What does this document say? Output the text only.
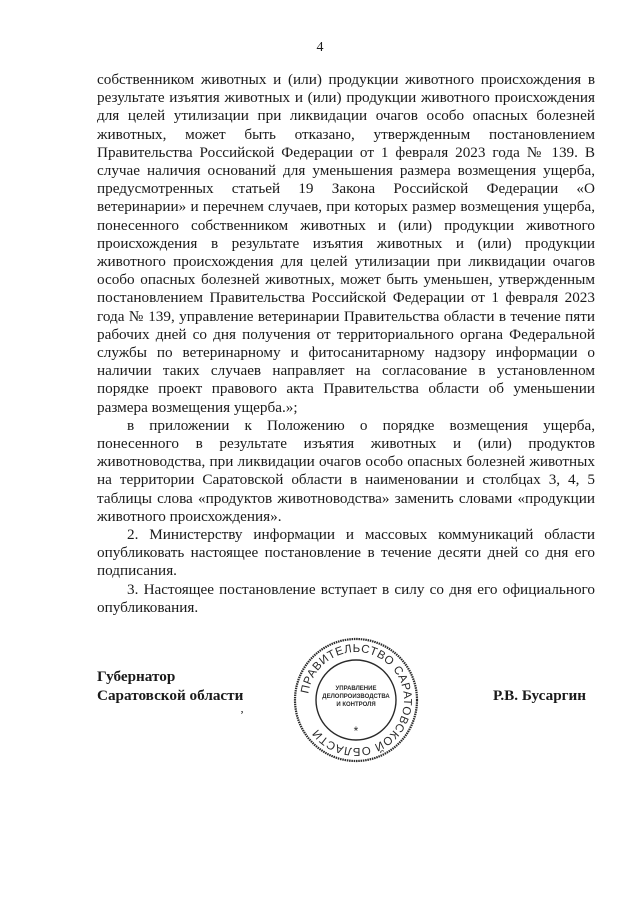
4

собственником животных и (или) продукции животного происхождения в результате изъятия животных и (или) продукции животного происхождения для целей утилизации при ликвидации очагов особо опасных болезней животных, может быть отказано, утвержденным постановлением Правительства Российской Федерации от 1 февраля 2023 года № 139. В случае наличия оснований для уменьшения размера возмещения ущерба, предусмотренных статьей 19 Закона Российской Федерации «О ветеринарии» и перечнем случаев, при которых размер возмещения ущерба, понесенного собственником животных и (или) продукции животного происхождения в результате изъятия животных и (или) продукции животного происхождения для целей утилизации при ликвидации очагов особо опасных болезней животных, может быть уменьшен, утвержденным постановлением Правительства Российской Федерации от 1 февраля 2023 года № 139, управление ветеринарии Правительства области в течение пяти рабочих дней со дня получения от территориального органа Федеральной службы по ветеринарному и фитосанитарному надзору информации о наличии таких случаев направляет на согласование в установленном порядке проект правового акта Правительства области об уменьшении размера возмещения ущерба.»;

в приложении к Положению о порядке возмещения ущерба, понесенного в результате изъятия животных и (или) продуктов животноводства, при ликвидации очагов особо опасных болезней животных на территории Саратовской области в наименовании и столбцах 3, 4, 5 таблицы слова «продуктов животноводства» заменить словами «продукции животного происхождения».

2. Министерству информации и массовых коммуникаций области опубликовать настоящее постановление в течение десяти дней со дня его подписания.

3. Настоящее постановление вступает в силу со дня его официального опубликования.

Губернатор
Саратовской области
ʼ
ПРАВИТЕЛЬСТВО САРАТОВСКОЙ ОБЛАСТИ
УПРАВЛЕНИЕ
ДЕЛОПРОИЗВОДСТВА
И КОНТРОЛЯ
*
Р.В. Бусаргин
